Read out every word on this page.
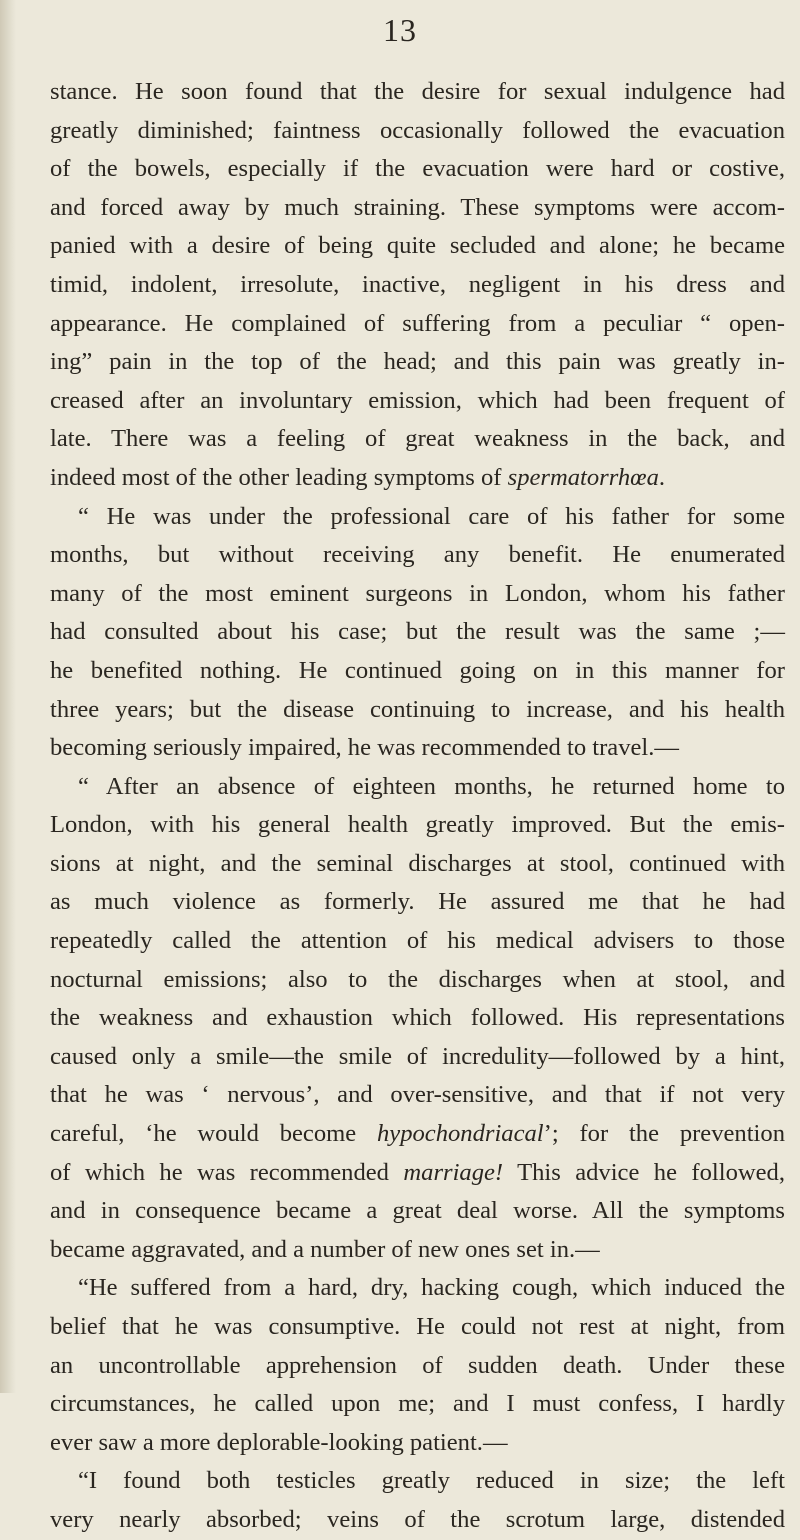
13
stance. He soon found that the desire for sexual indulgence had
greatly diminished; faintness occasionally followed the evacuation
of the bowels, especially if the evacuation were hard or costive,
and forced away by much straining. These symptoms were accom-
panied with a desire of being quite secluded and alone; he became
timid, indolent, irresolute, inactive, negligent in his dress and
appearance. He complained of suffering from a peculiar “ open-
ing” pain in the top of the head; and this pain was greatly in-
creased after an involuntary emission, which had been frequent of
late. There was a feeling of great weakness in the back, and
indeed most of the other leading symptoms of spermatorrhœa.
“ He was under the professional care of his father for some
months, but without receiving any benefit. He enumerated
many of the most eminent surgeons in London, whom his father
had consulted about his case; but the result was the same ;—
he benefited nothing. He continued going on in this manner for
three years; but the disease continuing to increase, and his health
becoming seriously impaired, he was recommended to travel.—
“ After an absence of eighteen months, he returned home to
London, with his general health greatly improved. But the emis-
sions at night, and the seminal discharges at stool, continued with
as much violence as formerly. He assured me that he had
repeatedly called the attention of his medical advisers to those
nocturnal emissions; also to the discharges when at stool, and
the weakness and exhaustion which followed. His representations
caused only a smile—the smile of incredulity—followed by a hint,
that he was ‘ nervous’, and over-sensitive, and that if not very
careful, ‘he would become hypochondriacal’; for the prevention
of which he was recommended marriage! This advice he followed,
and in consequence became a great deal worse. All the symptoms
became aggravated, and a number of new ones set in.—
“He suffered from a hard, dry, hacking cough, which induced the
belief that he was consumptive. He could not rest at night, from
an uncontrollable apprehension of sudden death. Under these
circumstances, he called upon me; and I must confess, I hardly
ever saw a more deplorable-looking patient.—
“I found both testicles greatly reduced in size; the left
very nearly absorbed; veins of the scrotum large, distended
